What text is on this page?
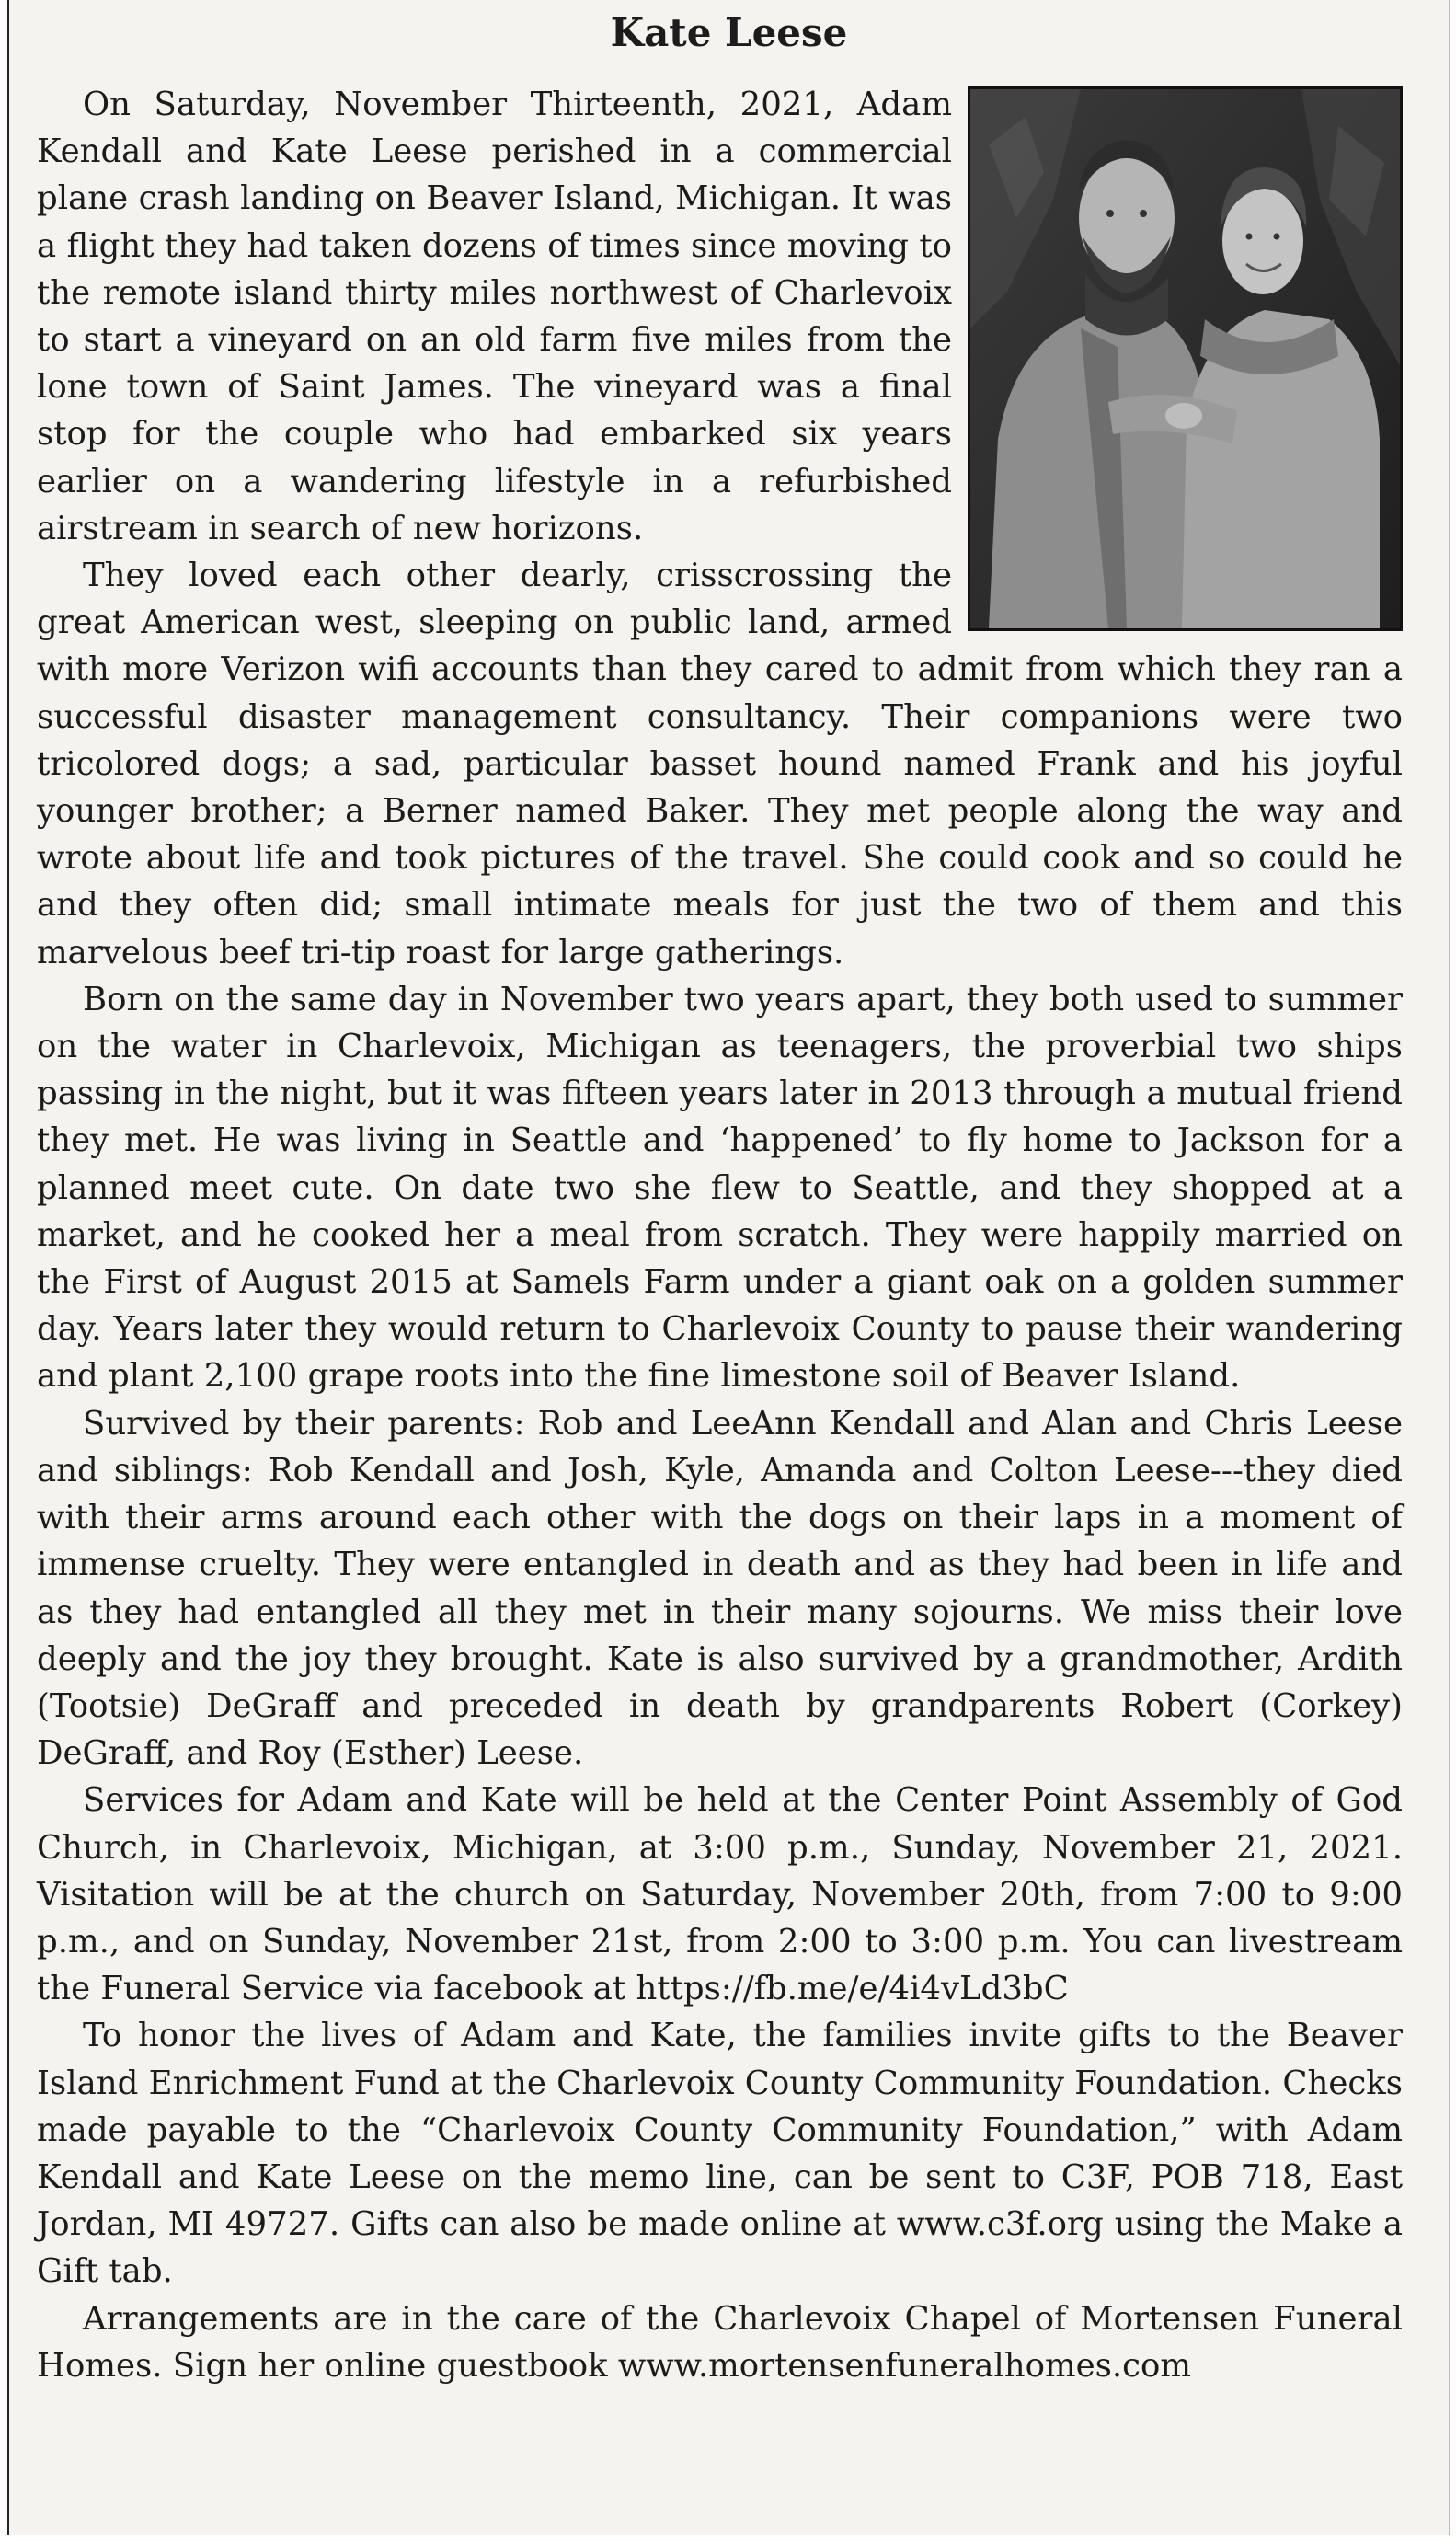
Kate Leese

On Saturday, November Thirteenth, 2021, Adam Kendall and Kate Leese perished in a commercial plane crash landing on Beaver Island, Michigan. It was a flight they had taken dozens of times since moving to the remote island thirty miles northwest of Charlevoix to start a vineyard on an old farm five miles from the lone town of Saint James. The vineyard was a final stop for the couple who had embarked six years earlier on a wandering lifestyle in a refurbished airstream in search of new horizons.

They loved each other dearly, crisscrossing the great American west, sleeping on public land, armed with more Verizon wifi accounts than they cared to admit from which they ran a successful disaster management consultancy. Their companions were two tricolored dogs; a sad, particular basset hound named Frank and his joyful younger brother; a Berner named Baker. They met people along the way and wrote about life and took pictures of the travel. She could cook and so could he and they often did; small intimate meals for just the two of them and this marvelous beef tri-tip roast for large gatherings.

Born on the same day in November two years apart, they both used to summer on the water in Charlevoix, Michigan as teenagers, the proverbial two ships passing in the night, but it was fifteen years later in 2013 through a mutual friend they met. He was living in Seattle and ‘happened’ to fly home to Jackson for a planned meet cute. On date two she flew to Seattle, and they shopped at a market, and he cooked her a meal from scratch. They were happily married on the First of August 2015 at Samels Farm under a giant oak on a golden summer day. Years later they would return to Charlevoix County to pause their wandering and plant 2,100 grape roots into the fine limestone soil of Beaver Island.

Survived by their parents: Rob and LeeAnn Kendall and Alan and Chris Leese and siblings: Rob Kendall and Josh, Kyle, Amanda and Colton Leese---they died with their arms around each other with the dogs on their laps in a moment of immense cruelty. They were entangled in death and as they had been in life and as they had entangled all they met in their many sojourns. We miss their love deeply and the joy they brought. Kate is also survived by a grandmother, Ardith (Tootsie) DeGraff and preceded in death by grandparents Robert (Corkey) DeGraff, and Roy (Esther) Leese.

Services for Adam and Kate will be held at the Center Point Assembly of God Church, in Charlevoix, Michigan, at 3:00 p.m., Sunday, November 21, 2021. Visitation will be at the church on Saturday, November 20th, from 7:00 to 9:00 p.m., and on Sunday, November 21st, from 2:00 to 3:00 p.m. You can livestream the Funeral Service via facebook at https://fb.me/e/4i4vLd3bC

To honor the lives of Adam and Kate, the families invite gifts to the Beaver Island Enrichment Fund at the Charlevoix County Community Foundation. Checks made payable to the “Charlevoix County Community Foundation,” with Adam Kendall and Kate Leese on the memo line, can be sent to C3F, POB 718, East Jordan, MI 49727. Gifts can also be made online at www.c3f.org using the Make a Gift tab.

Arrangements are in the care of the Charlevoix Chapel of Mortensen Funeral Homes. Sign her online guestbook www.mortensenfuneralhomes.com
